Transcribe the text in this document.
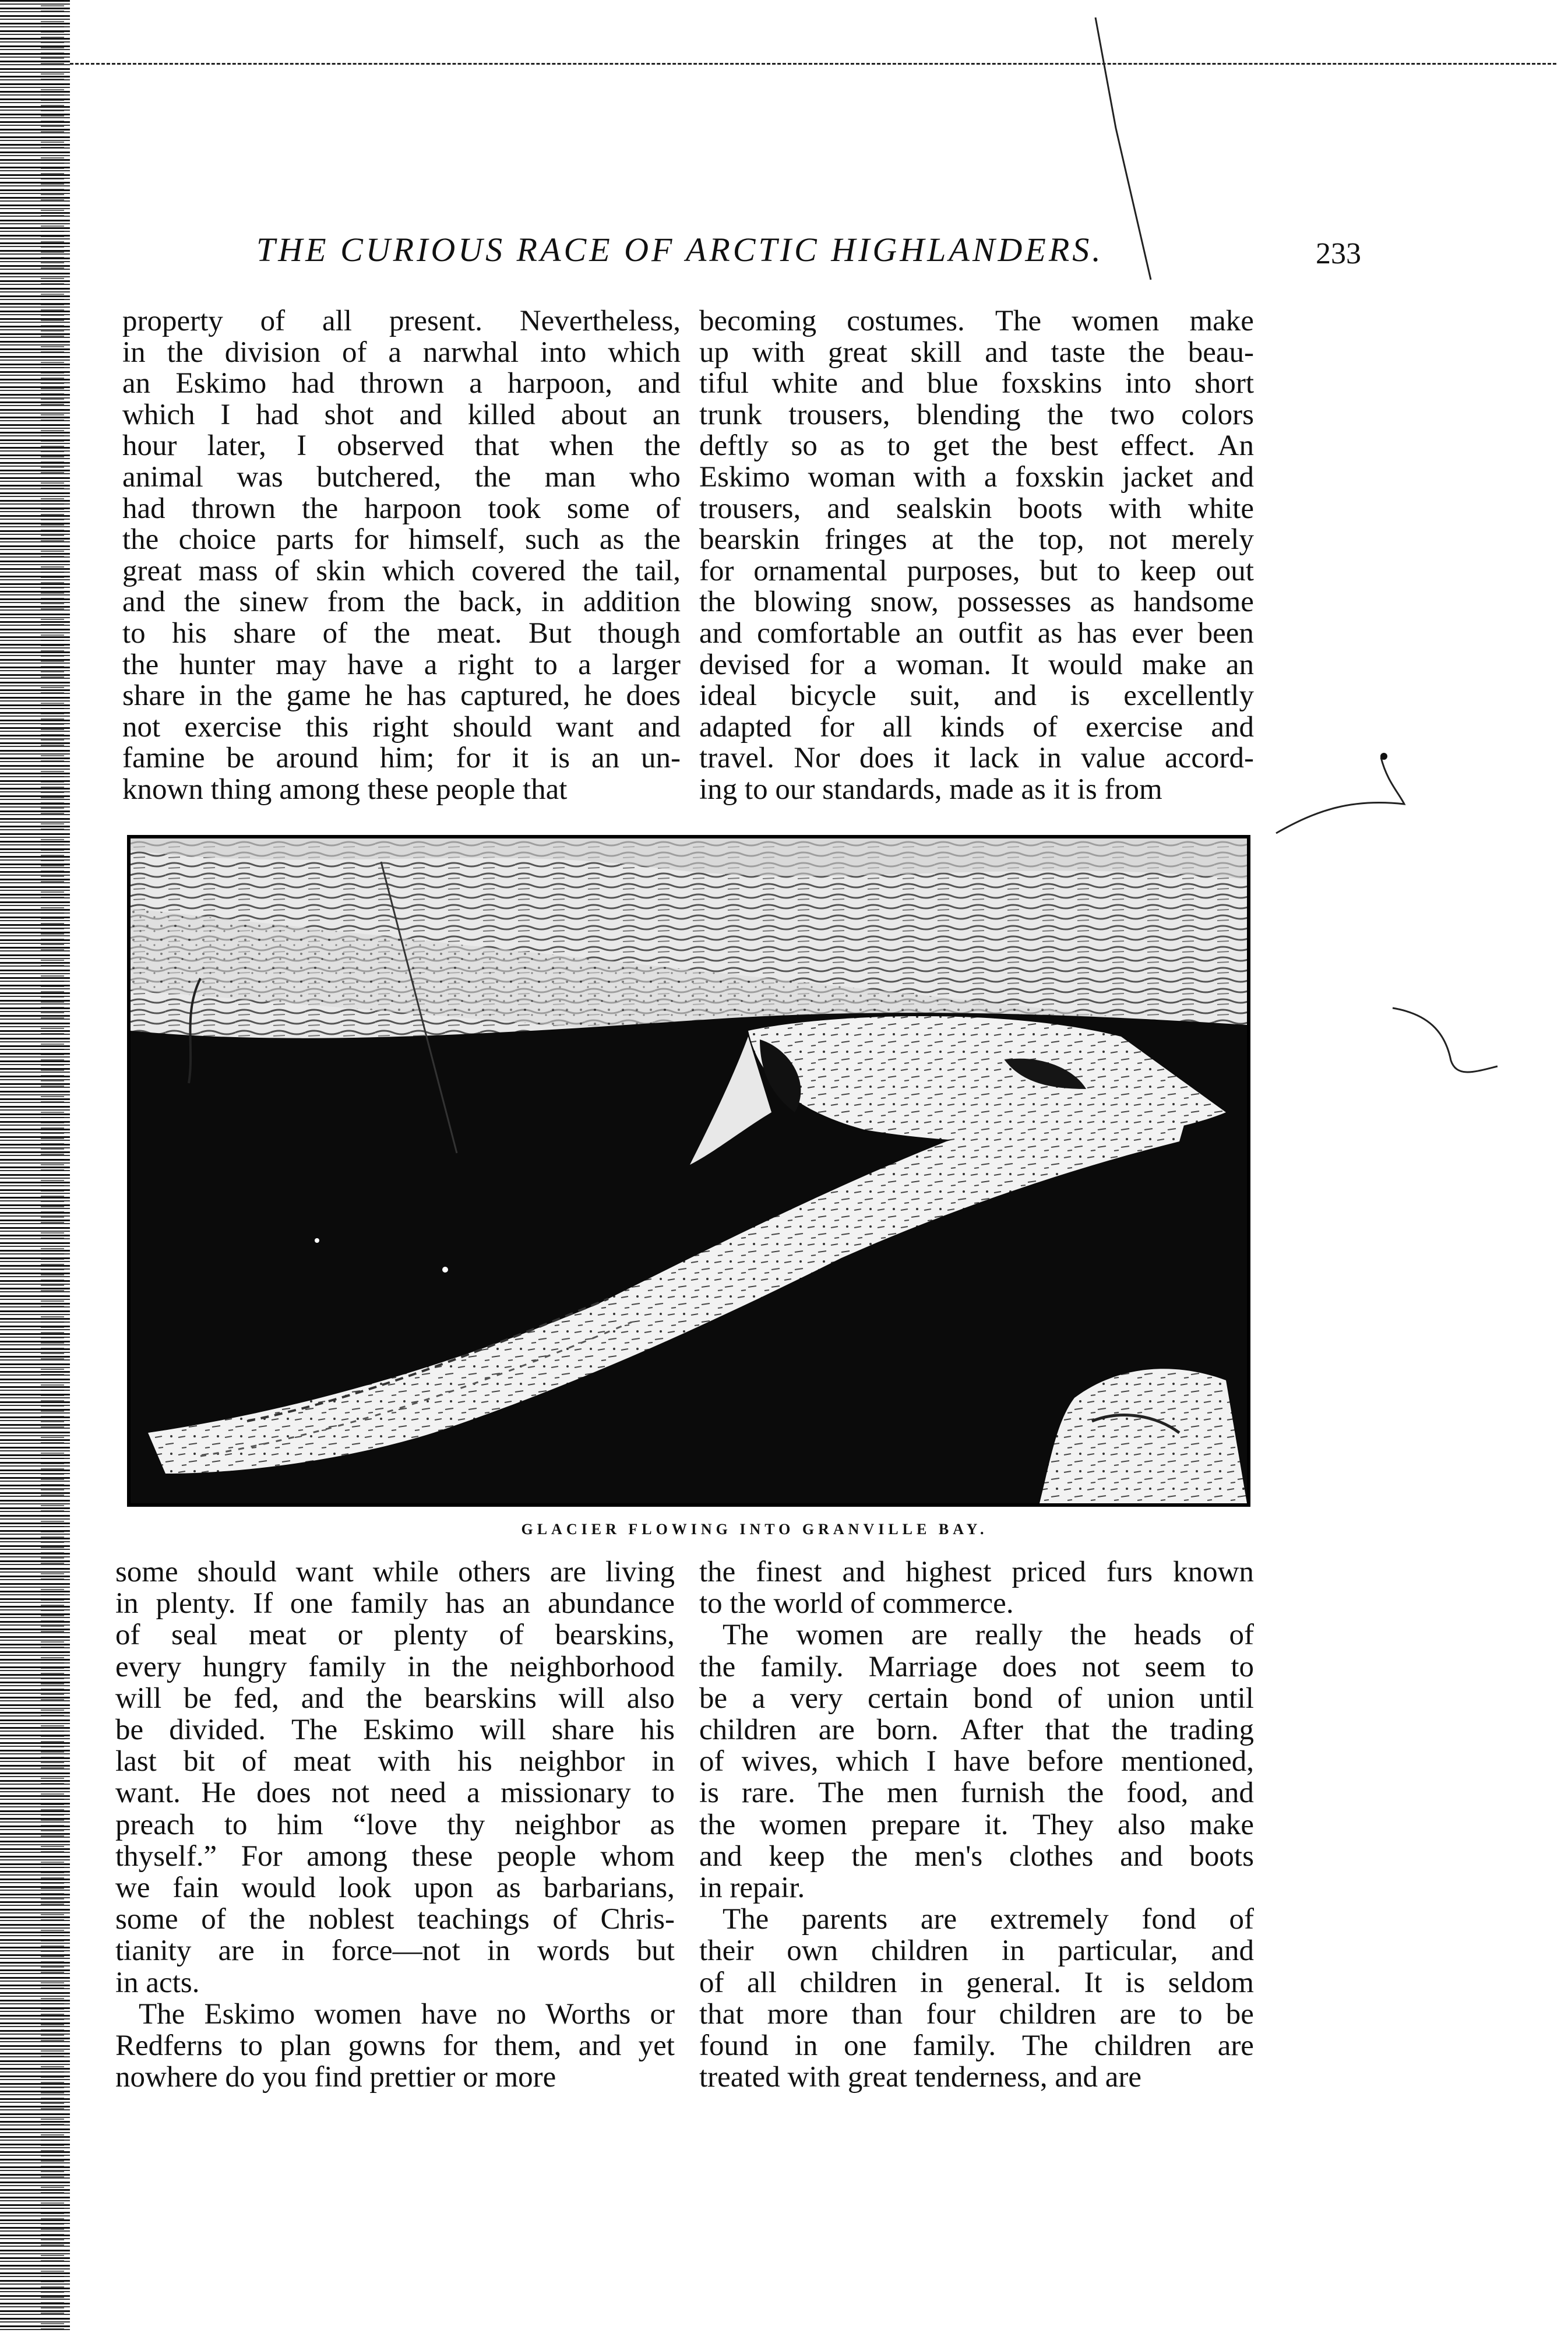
THE CURIOUS RACE OF ARCTIC HIGHLANDERS.	233
property of all present. Nevertheless,
in the division of a narwhal into which
an Eskimo had thrown a harpoon, and
which I had shot and killed about an
hour later, I observed that when the
animal was butchered, the man who
had thrown the harpoon took some of
the choice parts for himself, such as the
great mass of skin which covered the tail,
and the sinew from the back, in addition
to his share of the meat. But though
the hunter may have a right to a larger
share in the game he has captured, he does
not exercise this right should want and
famine be around him; for it is an un-
known thing among these people that
becoming costumes. The women make
up with great skill and taste the beau-
tiful white and blue foxskins into short
trunk trousers, blending the two colors
deftly so as to get the best effect. An
Eskimo woman with a foxskin jacket and
trousers, and sealskin boots with white
bearskin fringes at the top, not merely
for ornamental purposes, but to keep out
the blowing snow, possesses as handsome
and comfortable an outfit as has ever been
devised for a woman. It would make an
ideal bicycle suit, and is excellently
adapted for all kinds of exercise and
travel. Nor does it lack in value accord-
ing to our standards, made as it is from
GLACIER FLOWING INTO GRANVILLE BAY.
some should want while others are living
in plenty. If one family has an abundance
of seal meat or plenty of bearskins,
every hungry family in the neighborhood
will be fed, and the bearskins will also
be divided. The Eskimo will share his
last bit of meat with his neighbor in
want. He does not need a missionary to
preach to him “love thy neighbor as
thyself.” For among these people whom
we fain would look upon as barbarians,
some of the noblest teachings of Chris-
tianity are in force—not in words but
in acts.
The Eskimo women have no Worths or
Redferns to plan gowns for them, and yet
nowhere do you find prettier or more
the finest and highest priced furs known
to the world of commerce.
The women are really the heads of
the family. Marriage does not seem to
be a very certain bond of union until
children are born. After that the trading
of wives, which I have before mentioned,
is rare. The men furnish the food, and
the women prepare it. They also make
and keep the men's clothes and boots
in repair.
The parents are extremely fond of
their own children in particular, and
of all children in general. It is seldom
that more than four children are to be
found in one family. The children are
treated with great tenderness, and are
